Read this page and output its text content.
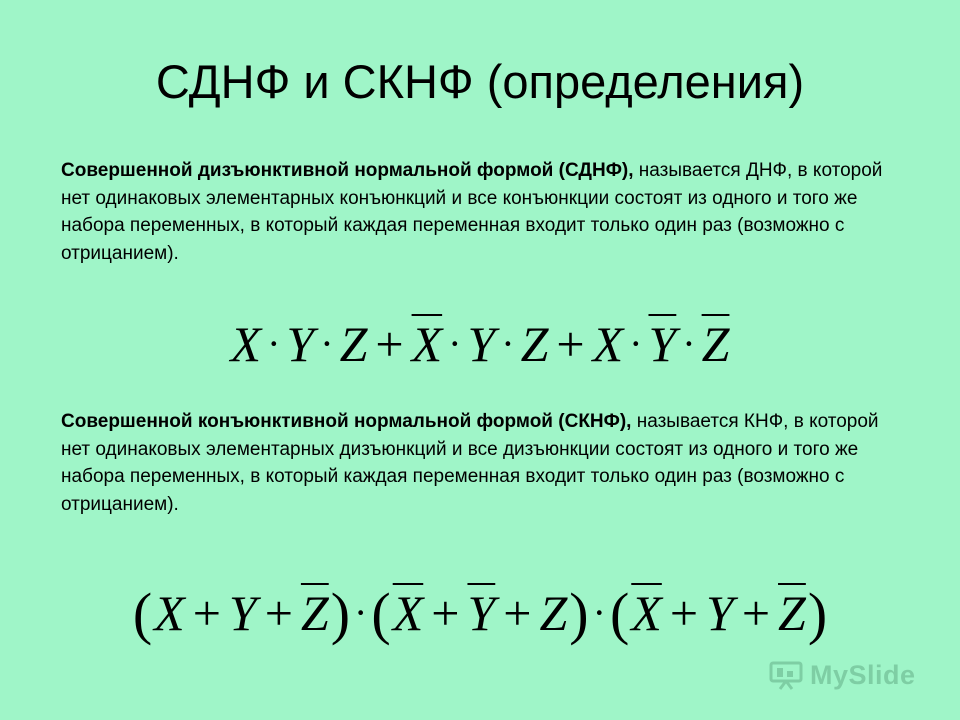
СДНФ и СКНФ (определения)

Совершенной дизъюнктивной нормальной формой (СДНФ), называется ДНФ, в которой нет одинаковых элементарных конъюнкций и все конъюнкции состоят из одного и того же набора переменных, в который каждая переменная входит только один раз (возможно с отрицанием).

$X \cdot Y \cdot Z + \overline{X} \cdot Y \cdot Z + X \cdot \overline{Y} \cdot \overline{Z}$

Совершенной конъюнктивной нормальной формой (СКНФ), называется КНФ, в которой нет одинаковых элементарных дизъюнкций и все дизъюнкции состоят из одного и того же набора переменных, в который каждая переменная входит только один раз (возможно с отрицанием).

$(X + Y + \overline{Z}) \cdot(\overline{X} + \overline{Y} + Z) \cdot(\overline{X} + Y + \overline{Z})$
MySlide
